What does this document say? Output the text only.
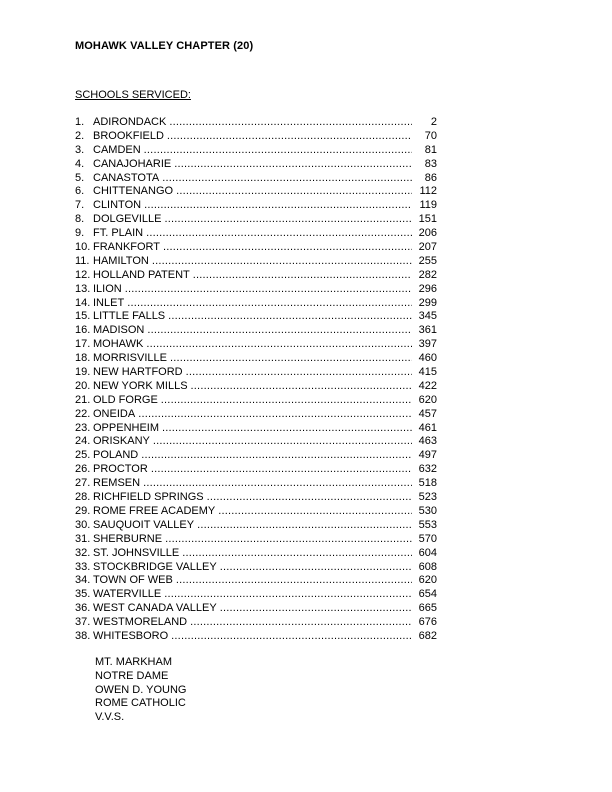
MOHAWK VALLEY CHAPTER (20)
SCHOOLS SERVICED:
1. ADIRONDACK .....	2
2. BROOKFIELD .....	70
3. CAMDEN .....	81
4. CANAJOHARIE .....	83
5. CANASTOTA .....	86
6. CHITTENANGO .....	112
7. CLINTON .....	119
8. DOLGEVILLE .....	151
9. FT. PLAIN .....	206
10. FRANKFORT .....	207
11. HAMILTON .....	255
12. HOLLAND PATENT .....	282
13. ILION .....	296
14. INLET .....	299
15. LITTLE FALLS .....	345
16. MADISON .....	361
17. MOHAWK .....	397
18. MORRISVILLE .....	460
19. NEW HARTFORD .....	415
20. NEW YORK MILLS .....	422
21. OLD FORGE .....	620
22. ONEIDA .....	457
23. OPPENHEIM .....	461
24. ORISKANY .....	463
25. POLAND .....	497
26. PROCTOR .....	632
27. REMSEN .....	518
28. RICHFIELD SPRINGS .....	523
29. ROME FREE ACADEMY .....	530
30. SAUQUOIT VALLEY .....	553
31. SHERBURNE .....	570
32. ST. JOHNSVILLE .....	604
33. STOCKBRIDGE VALLEY .....	608
34. TOWN OF WEB .....	620
35. WATERVILLE .....	654
36. WEST CANADA VALLEY .....	665
37. WESTMORELAND .....	676
38. WHITESBORO .....	682
MT. MARKHAM
NOTRE DAME
OWEN D. YOUNG
ROME CATHOLIC
V.V.S.
